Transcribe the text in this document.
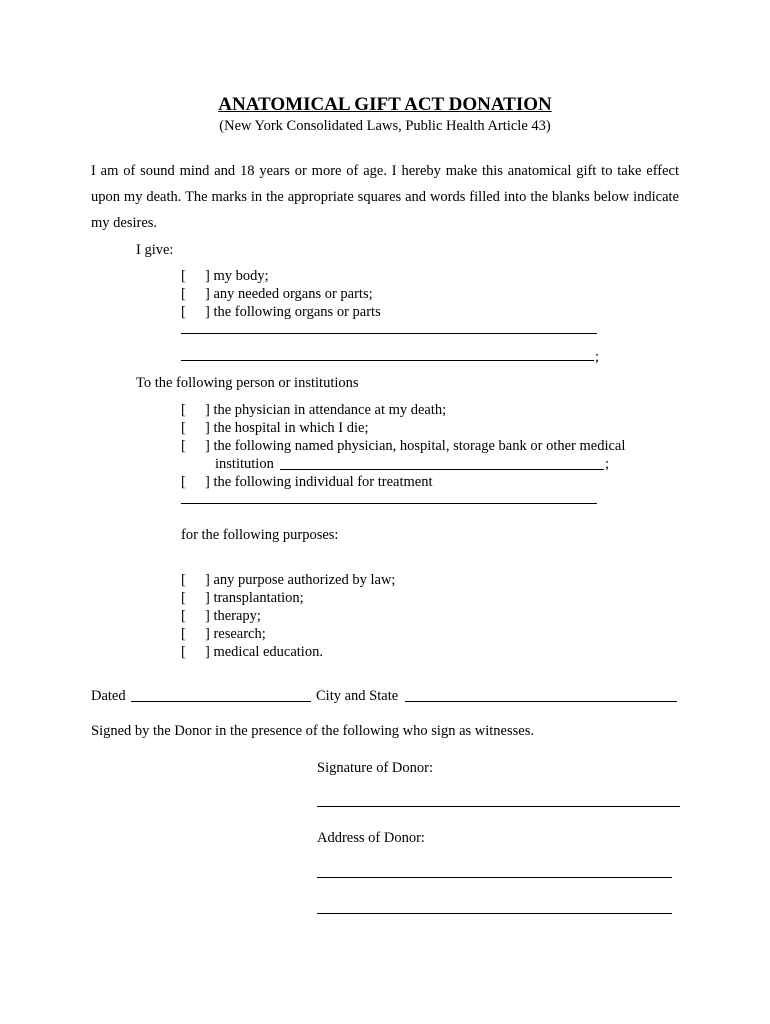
ANATOMICAL GIFT ACT DONATION
(New York Consolidated Laws, Public Health Article 43)
I am of sound mind and 18 years or more of age. I hereby make this anatomical gift to take effect upon my death. The marks in the appropriate squares and words filled into the blanks below indicate my desires.
I give:
[ ] my body;
[ ] any needed organs or parts;
[ ] the following organs or parts
;
To the following person or institutions
[ ] the physician in attendance at my death;
[ ] the hospital in which I die;
[ ] the following named physician, hospital, storage bank or other medical
institution	;
[ ] the following individual for treatment
for the following purposes:
[ ] any purpose authorized by law;
[ ] transplantation;
[ ] therapy;
[ ] research;
[ ] medical education.
Dated	City and State
Signed by the Donor in the presence of the following who sign as witnesses.
Signature of Donor:
Address of Donor:
